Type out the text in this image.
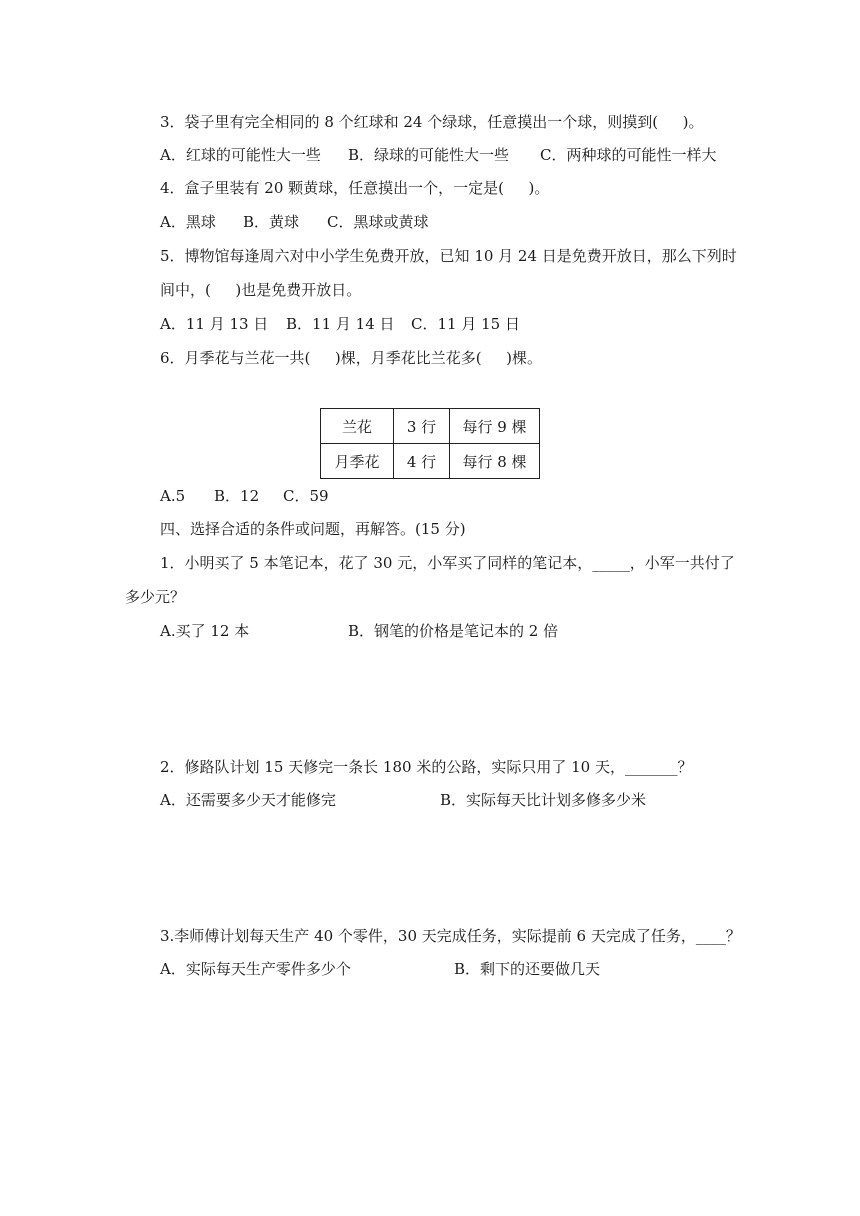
3．袋子里有完全相同的 8 个红球和 24 个绿球，任意摸出一个球，则摸到(　  )。
A．红球的可能性大一些 B．绿球的可能性大一些 C．两种球的可能性一样大
4．盒子里装有 20 颗黄球，任意摸出一个，一定是(　  )。
A．黑球 B．黄球 C．黑球或黄球
5．博物馆每逢周六对中小学生免费开放，已知 10 月 24 日是免费开放日，那么下列时
间中，(　  )也是免费开放日。
A．11 月 13 日 B．11 月 14 日 C．11 月 15 日
6．月季花与兰花一共(　  )棵，月季花比兰花多(　  )棵。
兰花	3 行	每行 9 棵
月季花	4 行	每行 8 棵
A.5 B．12 C．59
四、选择合适的条件或问题，再解答。(15 分)
1．小明买了 5 本笔记本，花了 30 元，小军买了同样的笔记本，_____，小军一共付了
多少元？
A.买了 12 本	B．钢笔的价格是笔记本的 2 倍
2．修路队计划 15 天修完一条长 180 米的公路，实际只用了 10 天，_______？
A．还需要多少天才能修完	B．实际每天比计划多修多少米
3.李师傅计划每天生产 40 个零件，30 天完成任务，实际提前 6 天完成了任务，____？
A．实际每天生产零件多少个	B．剩下的还要做几天
